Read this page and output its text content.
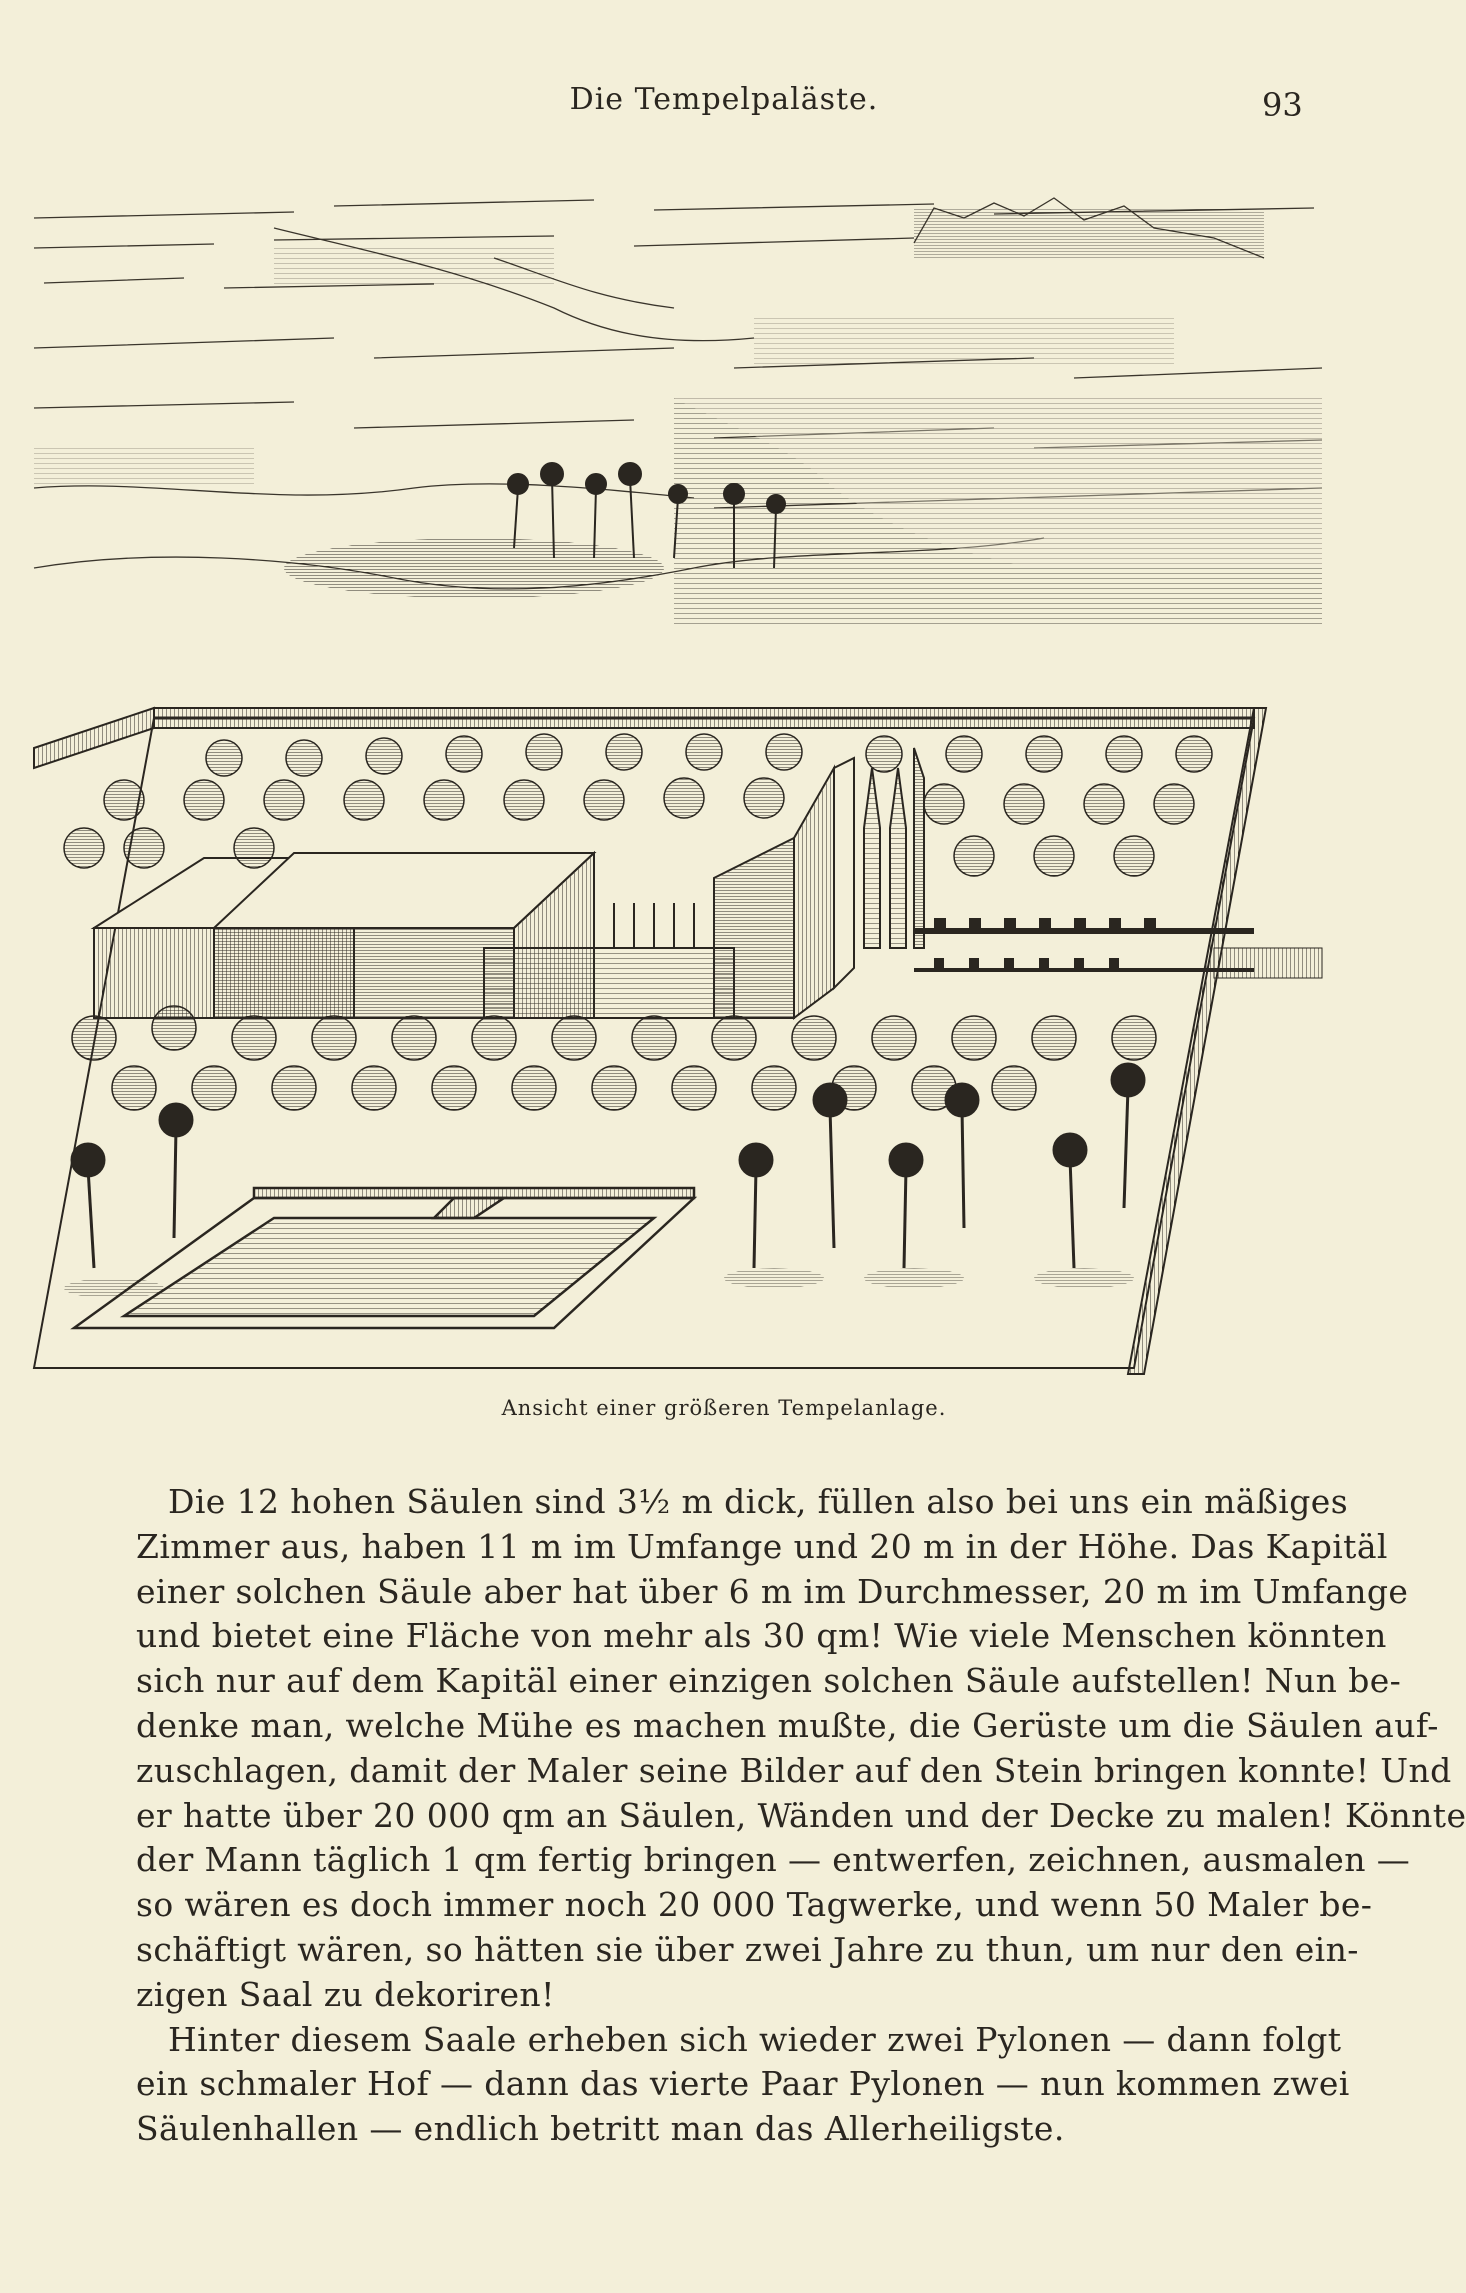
Die Tempelpaläste.	93
Ansicht einer größeren Tempelanlage.
Die 12 hohen Säulen sind 3½ m dick, füllen also bei uns ein mäßiges
Zimmer aus, haben 11 m im Umfange und 20 m in der Höhe. Das Kapitäl
einer solchen Säule aber hat über 6 m im Durchmesser, 20 m im Umfange
und bietet eine Fläche von mehr als 30 qm! Wie viele Menschen könnten
sich nur auf dem Kapitäl einer einzigen solchen Säule aufstellen! Nun be-
denke man, welche Mühe es machen mußte, die Gerüste um die Säulen auf-
zuschlagen, damit der Maler seine Bilder auf den Stein bringen konnte! Und
er hatte über 20 000 qm an Säulen, Wänden und der Decke zu malen! Könnte
der Mann täglich 1 qm fertig bringen — entwerfen, zeichnen, ausmalen —
so wären es doch immer noch 20 000 Tagwerke, und wenn 50 Maler be-
schäftigt wären, so hätten sie über zwei Jahre zu thun, um nur den ein-
zigen Saal zu dekoriren!
Hinter diesem Saale erheben sich wieder zwei Pylonen — dann folgt
ein schmaler Hof — dann das vierte Paar Pylonen — nun kommen zwei
Säulenhallen — endlich betritt man das Allerheiligste.
